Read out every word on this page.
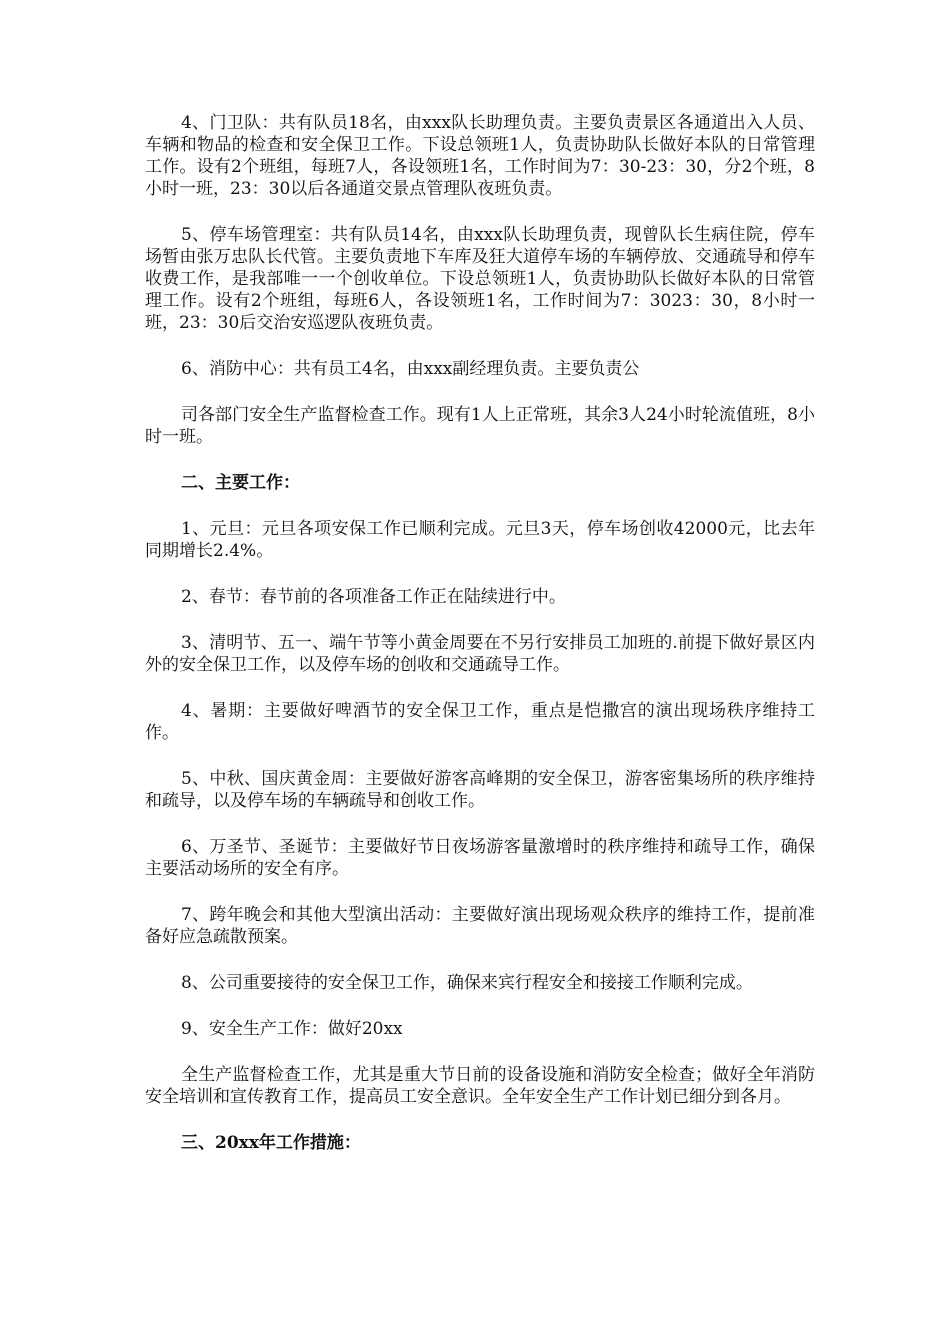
4、门卫队：共有队员18名，由xxx队长助理负责。主要负责景区各通道出入人员、车辆和物品的检查和安全保卫工作。下设总领班1人，负责协助队长做好本队的日常管理工作。设有2个班组，每班7人，各设领班1名，工作时间为7：30-23：30，分2个班，8小时一班，23：30以后各通道交景点管理队夜班负责。

5、停车场管理室：共有队员14名，由xxx队长助理负责，现曾队长生病住院，停车场暂由张万忠队长代管。主要负责地下车库及狂大道停车场的车辆停放、交通疏导和停车收费工作，是我部唯一一个创收单位。下设总领班1人，负责协助队长做好本队的日常管理工作。设有2个班组，每班6人，各设领班1名，工作时间为7：3023：30，8小时一班，23：30后交治安巡逻队夜班负责。

6、消防中心：共有员工4名，由xxx副经理负责。主要负责公

司各部门安全生产监督检查工作。现有1人上正常班，其余3人24小时轮流值班，8小时一班。

二、主要工作：

1、元旦：元旦各项安保工作已顺利完成。元旦3天，停车场创收42000元，比去年同期增长2.4%。

2、春节：春节前的各项准备工作正在陆续进行中。

3、清明节、五一、端午节等小黄金周要在不另行安排员工加班的.前提下做好景区内外的安全保卫工作，以及停车场的创收和交通疏导工作。

4、暑期：主要做好啤酒节的安全保卫工作，重点是恺撒宫的演出现场秩序维持工作。

5、中秋、国庆黄金周：主要做好游客高峰期的安全保卫，游客密集场所的秩序维持和疏导，以及停车场的车辆疏导和创收工作。

6、万圣节、圣诞节：主要做好节日夜场游客量激增时的秩序维持和疏导工作，确保主要活动场所的安全有序。

7、跨年晚会和其他大型演出活动：主要做好演出现场观众秩序的维持工作，提前准备好应急疏散预案。

8、公司重要接待的安全保卫工作，确保来宾行程安全和接接工作顺利完成。

9、安全生产工作：做好20xx

全生产监督检查工作，尤其是重大节日前的设备设施和消防安全检查；做好全年消防安全培训和宣传教育工作，提高员工安全意识。全年安全生产工作计划已细分到各月。

三、20xx年工作措施：
